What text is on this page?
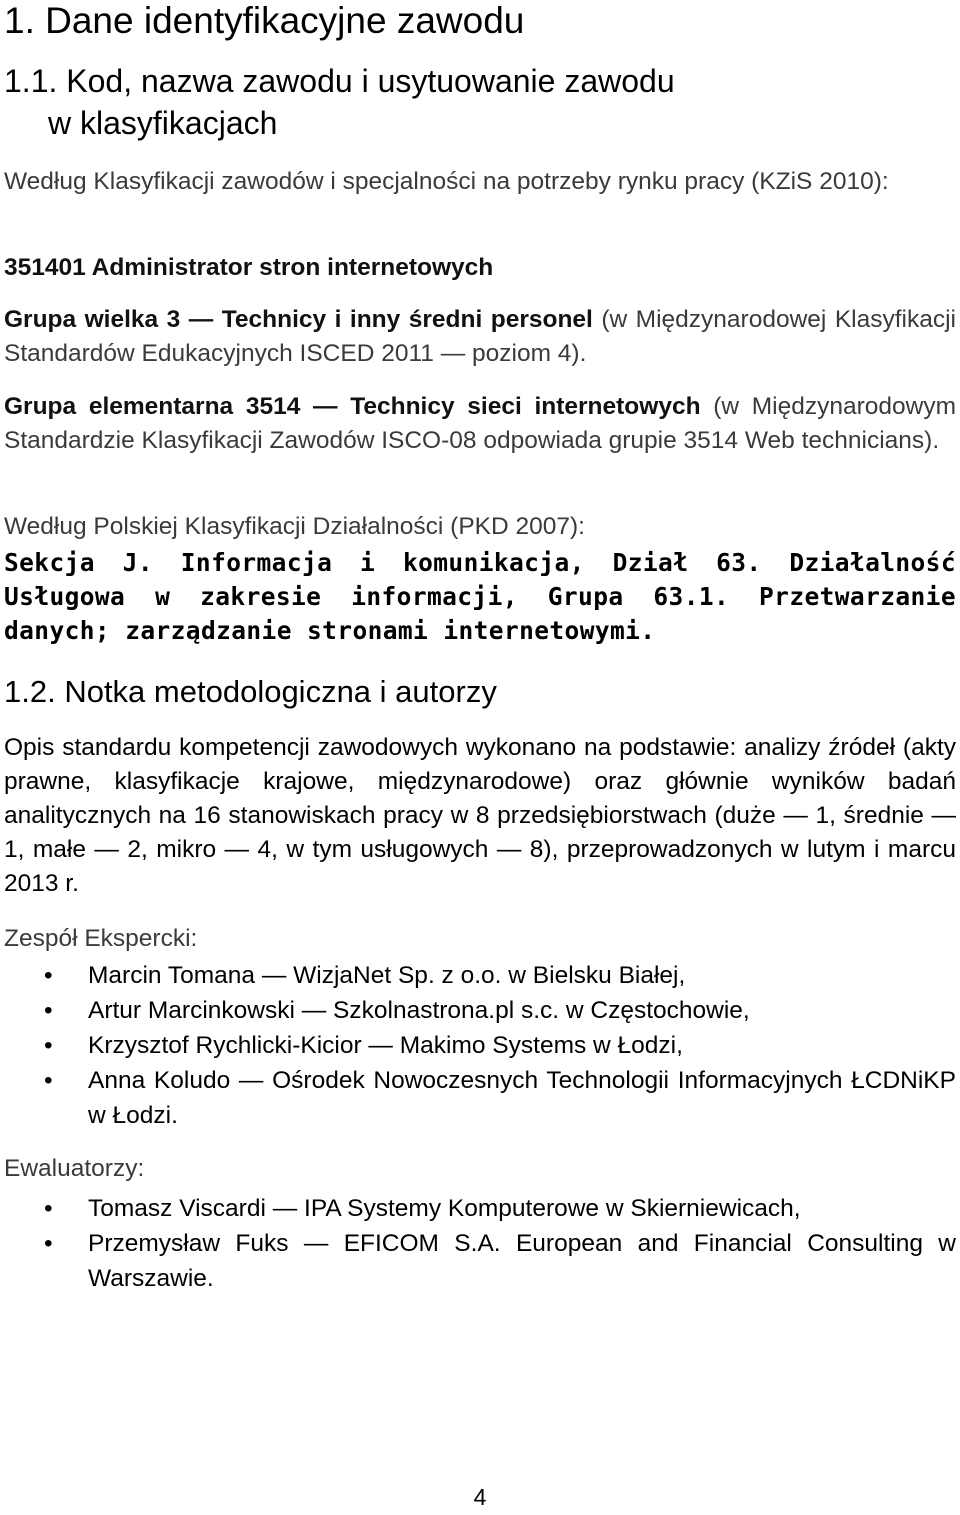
1. Dane identyfikacyjne zawodu
1.1. Kod, nazwa zawodu i usytuowanie zawodu
w klasyfikacjach

Według Klasyfikacji zawodów i specjalności na potrzeby rynku pracy (KZiS 2010):

351401 Administrator stron internetowych

Grupa wielka 3 ― Technicy i inny średni personel (w Międzynarodowej Klasyfikacji Standardów Edukacyjnych ISCED 2011 ― poziom 4).

Grupa elementarna 3514 ― Technicy sieci internetowych (w Międzynarodowym Standardzie Klasyfikacji Zawodów ISCO-08 odpowiada grupie 3514 Web technicians).

Według Polskiej Klasyfikacji Działalności (PKD 2007):

Sekcja J. Informacja i komunikacja, Dział 63. Działalność Usługowa w zakresie informacji, Grupa 63.1. Przetwarzanie danych; zarządzanie stronami internetowymi.

1.2. Notka metodologiczna i autorzy

Opis standardu kompetencji zawodowych wykonano na podstawie: analizy źródeł (akty prawne, klasyfikacje krajowe, międzynarodowe) oraz głównie wyników badań analitycznych na 16 stanowiskach pracy w 8 przedsiębiorstwach (duże ― 1, średnie ― 1, małe ― 2, mikro ― 4, w tym usługowych ― 8), przeprowadzonych w lutym i marcu 2013 r.

Zespół Ekspercki:

• Marcin Tomana ― WizjaNet Sp. z o.o. w Bielsku Białej,
• Artur Marcinkowski ― Szkolnastrona.pl s.c. w Częstochowie,
• Krzysztof Rychlicki-Kicior ― Makimo Systems w Łodzi,
• Anna Koludo ― Ośrodek Nowoczesnych Technologii Informacyjnych ŁCDNiKP w Łodzi.

Ewaluatorzy:

• Tomasz Viscardi ― IPA Systemy Komputerowe w Skierniewicach,
• Przemysław Fuks ― EFICOM S.A. European and Financial Consulting w Warszawie.
4
